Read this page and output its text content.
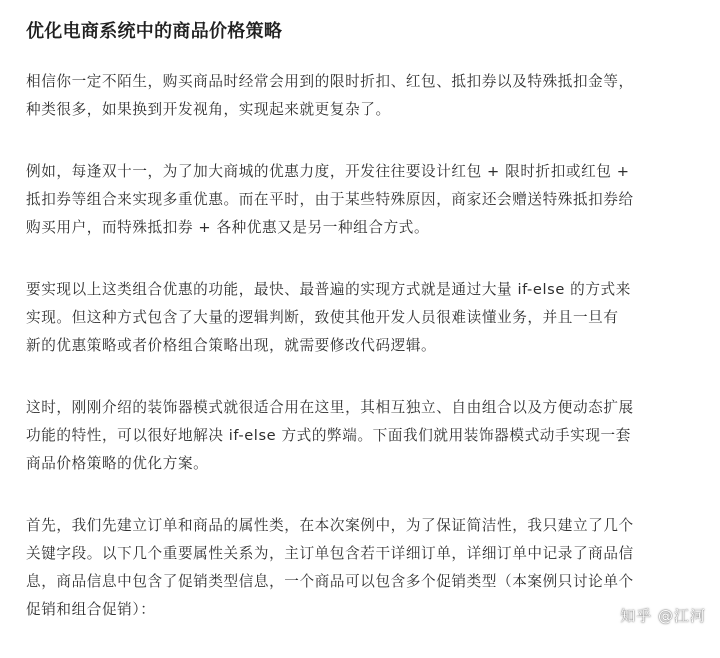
优化电商系统中的商品价格策略
相信你一定不陌生，购买商品时经常会用到的限时折扣、红包、抵扣券以及特殊抵扣金等，
种类很多，如果换到开发视角，实现起来就更复杂了。
例如，每逢双十一，为了加大商城的优惠力度，开发往往要设计红包 + 限时折扣或红包 +
抵扣券等组合来实现多重优惠。而在平时，由于某些特殊原因，商家还会赠送特殊抵扣券给
购买用户，而特殊抵扣券 + 各种优惠又是另一种组合方式。
要实现以上这类组合优惠的功能，最快、最普遍的实现方式就是通过大量 if-else 的方式来
实现。但这种方式包含了大量的逻辑判断，致使其他开发人员很难读懂业务，并且一旦有
新的优惠策略或者价格组合策略出现，就需要修改代码逻辑。
这时，刚刚介绍的装饰器模式就很适合用在这里，其相互独立、自由组合以及方便动态扩展
功能的特性，可以很好地解决 if-else 方式的弊端。下面我们就用装饰器模式动手实现一套
商品价格策略的优化方案。
首先，我们先建立订单和商品的属性类，在本次案例中，为了保证简洁性，我只建立了几个
关键字段。以下几个重要属性关系为，主订单包含若干详细订单，详细订单中记录了商品信
息，商品信息中包含了促销类型信息，一个商品可以包含多个促销类型（本案例只讨论单个
促销和组合促销）：	知乎 @江河
